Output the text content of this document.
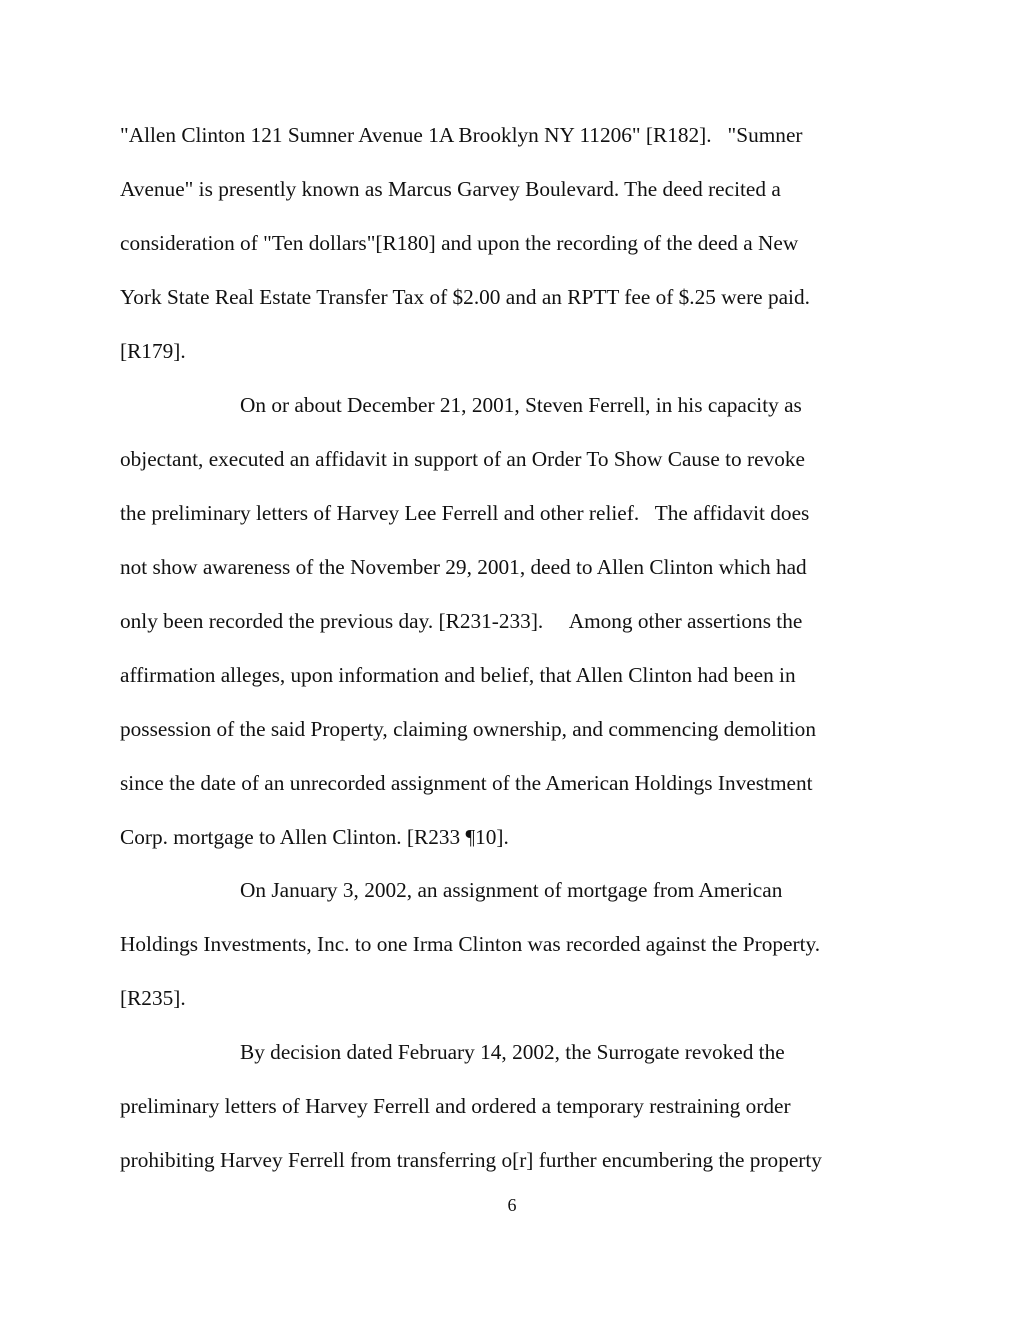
"Allen Clinton 121 Sumner Avenue 1A Brooklyn NY 11206" [R182].   "Sumner
Avenue" is presently known as Marcus Garvey Boulevard. The deed recited a
consideration of "Ten dollars"[R180] and upon the recording of the deed a New
York State Real Estate Transfer Tax of $2.00 and an RPTT fee of $.25 were paid.
[R179].
On or about December 21, 2001, Steven Ferrell, in his capacity as
objectant, executed an affidavit in support of an Order To Show Cause to revoke
the preliminary letters of Harvey Lee Ferrell and other relief.   The affidavit does
not show awareness of the November 29, 2001, deed to Allen Clinton which had
only been recorded the previous day. [R231-233].     Among other assertions the
affirmation alleges, upon information and belief, that Allen Clinton had been in
possession of the said Property, claiming ownership, and commencing demolition
since the date of an unrecorded assignment of the American Holdings Investment
Corp. mortgage to Allen Clinton. [R233 ¶10].
On January 3, 2002, an assignment of mortgage from American
Holdings Investments, Inc. to one Irma Clinton was recorded against the Property.
[R235].
By decision dated February 14, 2002, the Surrogate revoked the
preliminary letters of Harvey Ferrell and ordered a temporary restraining order
prohibiting Harvey Ferrell from transferring o[r] further encumbering the property
6
